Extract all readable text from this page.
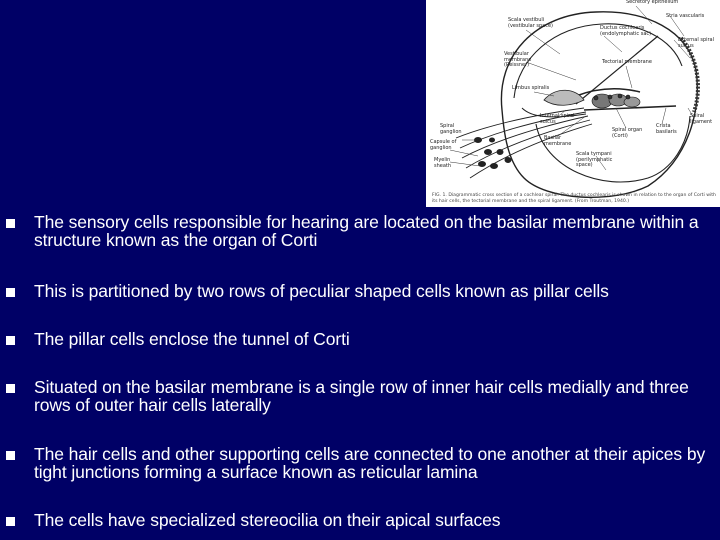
Secretory epithelium
Stria vascularis
Scala vestibuli (vestibular space)	Ductus cochlearis (endolymphatic sac)
External spiral sulcus
Vestibular membrane (Reissner)
Tectorial membrane
Limbus spiralis
Spiral ganglion
Internal spiral sulcus
Crista basilaris
Basilar membrane
Spiral organ (Corti)
Spiral ligament
Capsule of ganglion
Myelin sheath
Scala tympani (perilymphatic space)
FIG. 1. Diagrammatic cross section of a cochlear spiral. The ductus cochlearis is shown in relation to the organ of Corti with its hair cells, the tectorial membrane and the spiral ligament. (From Troutman, 1940.)
The sensory cells responsible for hearing are located on the basilar membrane within a structure known as the organ of Corti
This is partitioned by two rows of peculiar shaped cells known as pillar cells
The pillar cells enclose the tunnel of Corti
Situated on the basilar membrane is a single row of inner hair cells medially and three rows of outer hair cells laterally
The hair cells and other supporting cells are connected to one another at their apices by tight junctions forming a surface known as reticular lamina
The cells have specialized stereocilia on their apical surfaces
